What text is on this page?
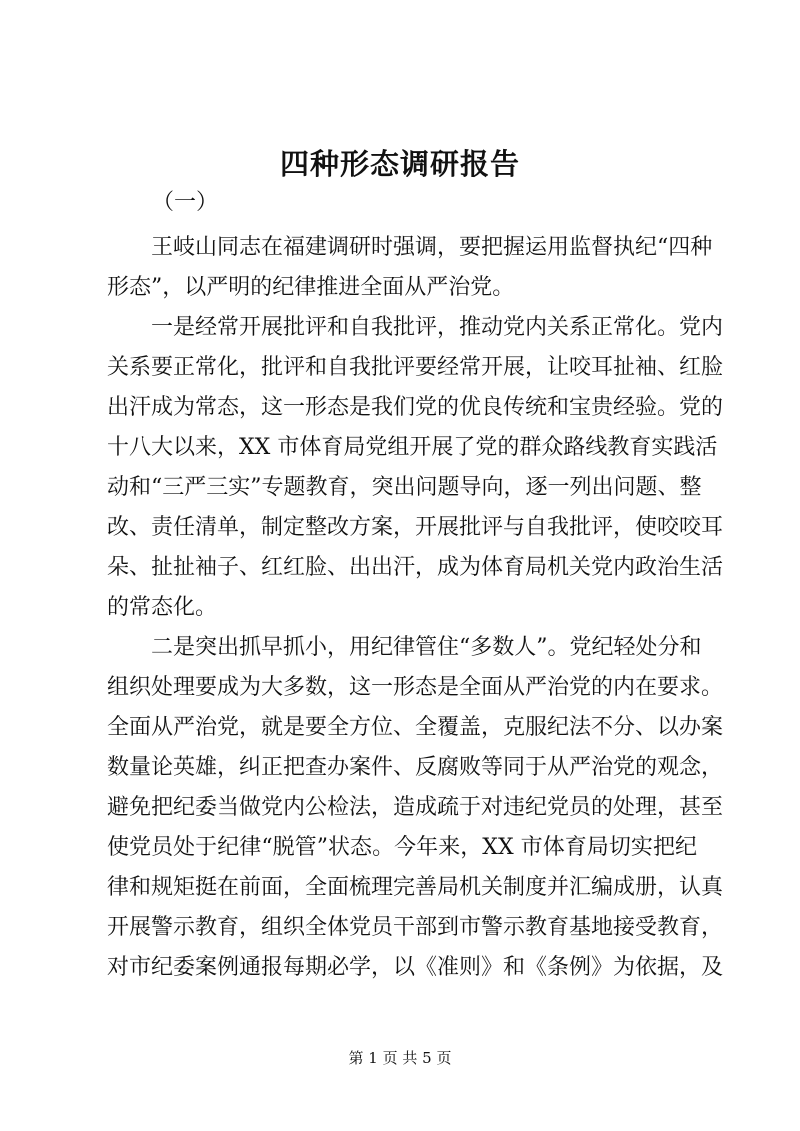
四种形态调研报告
（一）
王岐山同志在福建调研时强调，要把握运用监督执纪“四种
形态”，以严明的纪律推进全面从严治党。
一是经常开展批评和自我批评，推动党内关系正常化。党内
关系要正常化，批评和自我批评要经常开展，让咬耳扯袖、红脸
出汗成为常态，这一形态是我们党的优良传统和宝贵经验。党的
十八大以来，XX 市体育局党组开展了党的群众路线教育实践活
动和“三严三实”专题教育，突出问题导向，逐一列出问题、整
改、责任清单，制定整改方案，开展批评与自我批评，使咬咬耳
朵、扯扯袖子、红红脸、出出汗，成为体育局机关党内政治生活
的常态化。
二是突出抓早抓小，用纪律管住“多数人”。党纪轻处分和
组织处理要成为大多数，这一形态是全面从严治党的内在要求。
全面从严治党，就是要全方位、全覆盖，克服纪法不分、以办案
数量论英雄，纠正把查办案件、反腐败等同于从严治党的观念，
避免把纪委当做党内公检法，造成疏于对违纪党员的处理，甚至
使党员处于纪律“脱管”状态。今年来，XX 市体育局切实把纪
律和规矩挺在前面，全面梳理完善局机关制度并汇编成册，认真
开展警示教育，组织全体党员干部到市警示教育基地接受教育，
对市纪委案例通报每期必学，以《准则》和《条例》为依据，及
第 1 页 共 5 页
